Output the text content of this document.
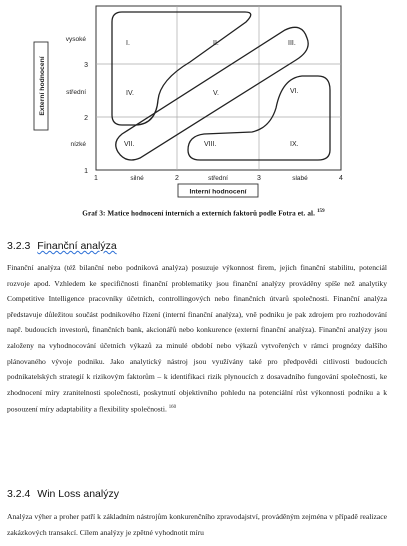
I.	II.	III.
IV.	V.	VI.
VII.	VIII.	IX.
3
2
1
vysoké
střední
nízké
Externí hodnocení
1	2	3	4
silné	střední	slabé
Interní hodnocení
Graf 3: Matice hodnocení interních a externích faktorů podle Fotra et. al. $^{159}$
3.2.3 Finanční analýza

Finanční analýza (též bilanční nebo podniková analýza) posuzuje výkonnost firem, jejich finanční stabilitu, potenciál rozvoje apod. Vzhledem ke specifičnosti finanční problematiky jsou finanční analýzy prováděny spíše než analytiky Competitive Intelligence pracovníky účetních, controllingových nebo finančních útvarů společnosti. Finanční analýza představuje důležitou součást podnikového řízení (interní finanční analýza), vně podniku je pak zdrojem pro rozhodování např. budoucích investorů, finančních bank, akcionářů nebo konkurence (externí finanční analýza). Finanční analýzy jsou založeny na vyhodnocování účetních výkazů za minulé období nebo výkazů vytvořených v rámci prognózy dalšího plánovaného vývoje podniku. Jako analytický nástroj jsou využívány také pro předpovědi citlivosti budoucích podnikatelských strategií k rizikovým faktorům – k identifikaci rizik plynoucích z dosavadního fungování společnosti, ke zhodnocení míry zranitelnosti společnosti, poskytnutí objektivního pohledu na potenciální růst výkonnosti podniku a k posouzení míry adaptability a flexibility společnosti. $^{160}$

3.2.4 Win Loss analýzy

Analýza výher a proher patří k základním nástrojům konkurenčního zpravodajství, prováděným zejména v případě realizace zakázkových transakcí. Cílem analýzy je zpětné vyhodnotit míru
